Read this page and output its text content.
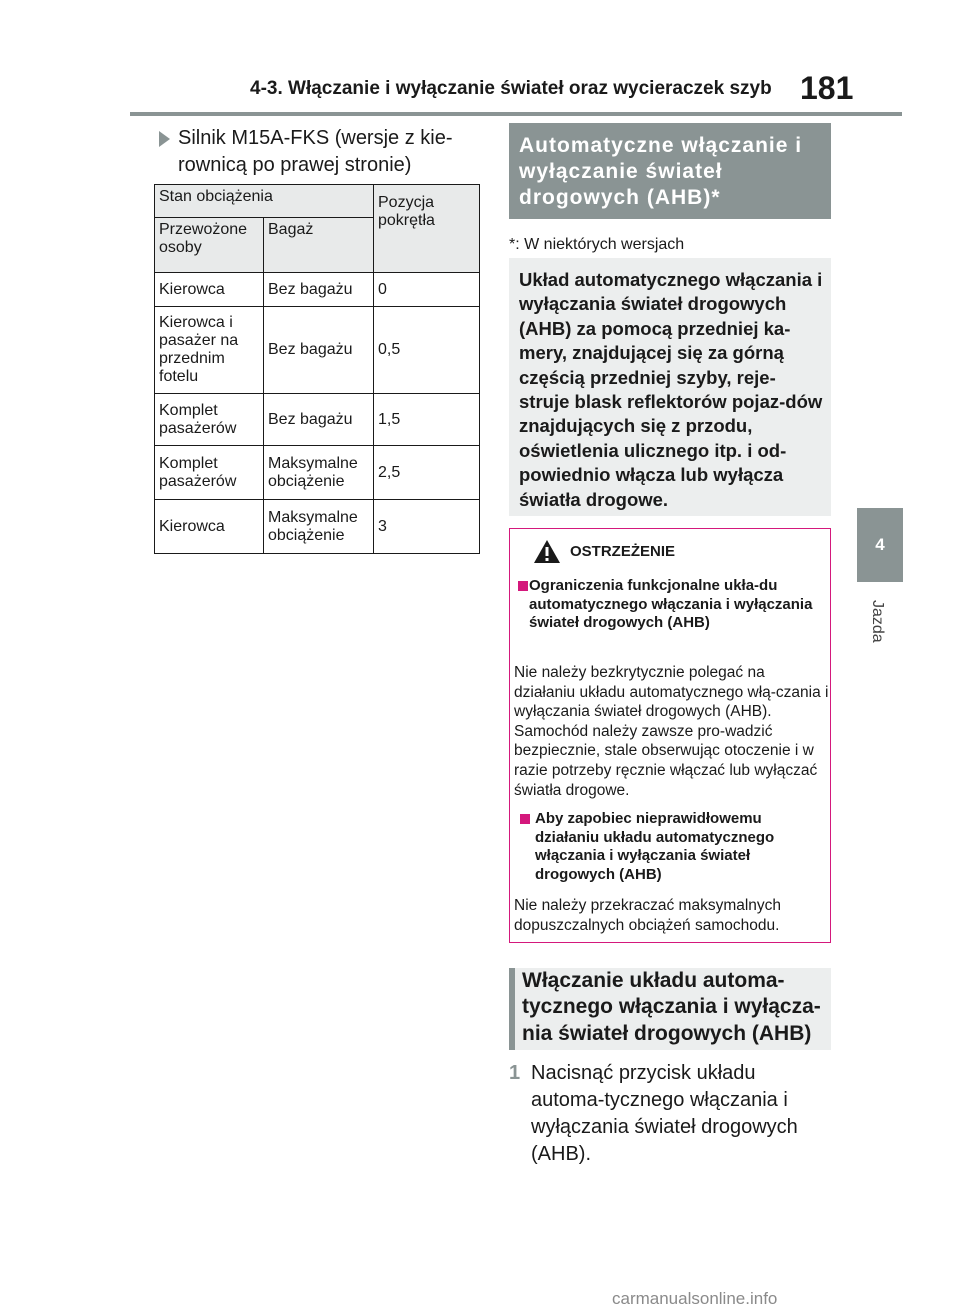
4-3. Włączanie i wyłączanie świateł oraz wycieraczek szyb 181
4
Jazda
Silnik M15A-FKS (wersje z kie-rownicą po prawej stronie)
Stan obciążenia		Pozycja pokrętła

Przewożone osoby	Bagaż	
Kierowca	Bez bagażu	0
Kierowca i pasażer na przednim fotelu	Bez bagażu	0,5
Komplet pasażerów	Bez bagażu	1,5
Komplet pasażerów	Maksymalne obciążenie	2,5
Kierowca	Maksymalne obciążenie	3
Automatyczne włączanie i wyłączanie świateł drogowych (AHB)*
*: W niektórych wersjach
Układ automatycznego włączania i wyłączania świateł drogowych (AHB) za pomocą przedniej ka-mery, znajdującej się za górną częścią przedniej szyby, reje-struje blask reflektorów pojaz-dów znajdujących się z przodu, oświetlenia ulicznego itp. i od-powiednio włącza lub wyłącza światła drogowe.
OSTRZEŻENIE
Ograniczenia funkcjonalne ukła-du automatycznego włączania i wyłączania świateł drogowych (AHB)
Nie należy bezkrytycznie polegać na działaniu układu automatycznego włą-czania i wyłączania świateł drogowych (AHB). Samochód należy zawsze pro-wadzić bezpiecznie, stale obserwując otoczenie i w razie potrzeby ręcznie włączać lub wyłączać światła drogowe.
Aby zapobiec nieprawidłowemu działaniu układu automatycznego włączania i wyłączania świateł drogowych (AHB)
Nie należy przekraczać maksymalnych dopuszczalnych obciążeń samochodu.
Włączanie układu automa-tycznego włączania i wyłącza-nia świateł drogowych (AHB)
1 Nacisnąć przycisk układu automa-tycznego włączania i wyłączania świateł drogowych (AHB).
carmanualsonline.info
